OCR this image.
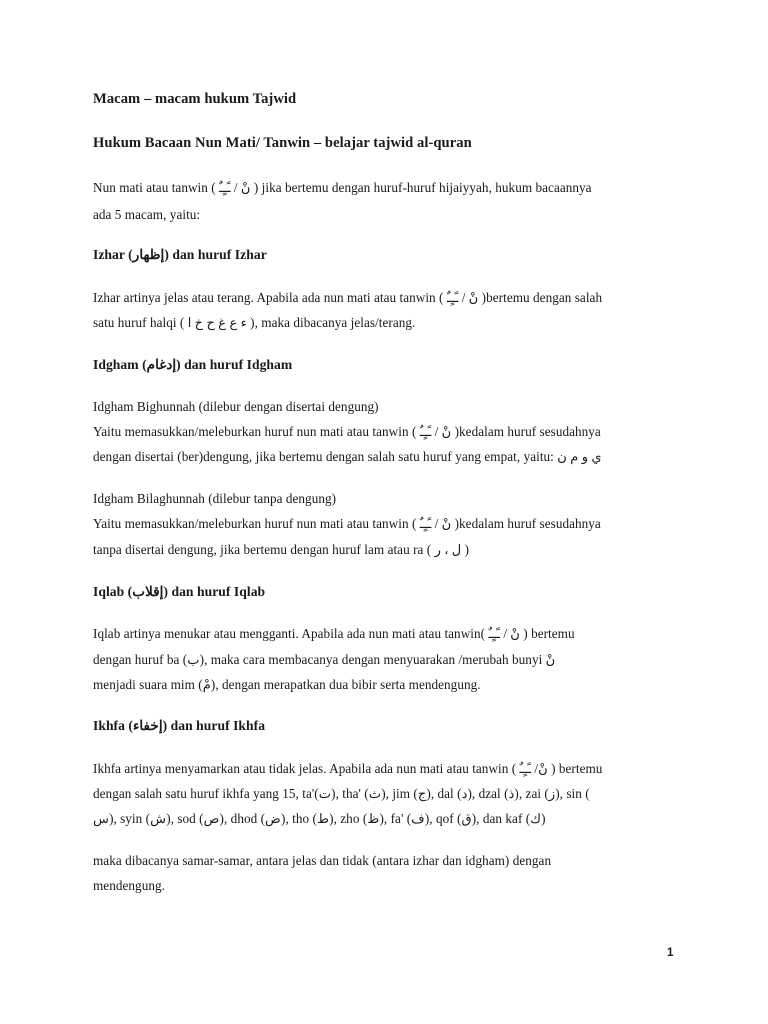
Macam – macam hukum Tajwid
Hukum Bacaan Nun Mati/ Tanwin – belajar tajwid al-quran
Nun mati atau tanwin ( نْ / ـًـٍـٌ ) jika bertemu dengan huruf-huruf hijaiyyah, hukum bacaannya
ada 5 macam, yaitu:
Izhar (إظهار) dan huruf Izhar
Izhar artinya jelas atau terang. Apabila ada nun mati atau tanwin ( نْ / ـًـٍـٌ )bertemu dengan salah
satu huruf halqi ( ء ع غ ح خ ا ), maka dibacanya jelas/terang.
Idgham (إدغام) dan huruf Idgham
Idgham Bighunnah (dilebur dengan disertai dengung)
Yaitu memasukkan/meleburkan huruf nun mati atau tanwin ( نْ / ـًـٍـٌ )kedalam huruf sesudahnya
dengan disertai (ber)dengung, jika bertemu dengan salah satu huruf yang empat, yaitu: ي و م ن
Idgham Bilaghunnah (dilebur tanpa dengung)
Yaitu memasukkan/meleburkan huruf nun mati atau tanwin ( نْ / ـًـٍـٌ )kedalam huruf sesudahnya
tanpa disertai dengung, jika bertemu dengan huruf lam atau ra ( ل ، ر )
Iqlab (إقلاب) dan huruf Iqlab
Iqlab artinya menukar atau mengganti. Apabila ada nun mati atau tanwin( نْ / ـًـٍـٌ ) bertemu
dengan huruf ba (ب), maka cara membacanya dengan menyuarakan /merubah bunyi نْ
menjadi suara mim (مْ), dengan merapatkan dua bibir serta mendengung.
Ikhfa (إخفاء) dan huruf Ikhfa
Ikhfa artinya menyamarkan atau tidak jelas. Apabila ada nun mati atau tanwin ( نْ/ ـًـٍـٌ ) bertemu
dengan salah satu huruf ikhfa yang 15, ta'(ت), tha' (ث), jim (ج), dal (د), dzal (ذ), zai (ز), sin (
س), syin (ش), sod (ص), dhod (ض), tho (ط), zho (ظ), fa' (ف), qof (ق), dan kaf (ك)
maka dibacanya samar-samar, antara jelas dan tidak (antara izhar dan idgham) dengan
mendengung.
1
